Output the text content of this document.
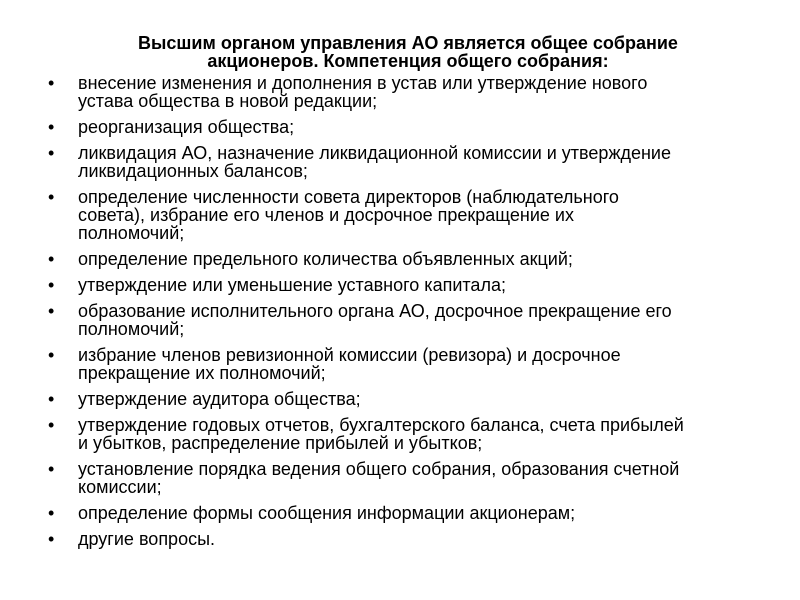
Высшим органом управления АО является общее собрание
акционеров. Компетенция общего собрания:
•	внесение изменения и дополнения в устав или утверждение нового
устава общества в новой редакции;
•	реорганизация общества;
•	ликвидация АО, назначение ликвидационной комиссии и утверждение
ликвидационных балансов;
•	определение численности совета директоров (наблюдательного
совета), избрание его членов и досрочное прекращение их
полномочий;
•	определение предельного количества объявленных акций;
•	утверждение или уменьшение уставного капитала;
•	образование исполнительного органа АО, досрочное прекращение его
полномочий;
•	избрание членов ревизионной комиссии (ревизора) и досрочное
прекращение их полномочий;
•	утверждение аудитора общества;
•	утверждение годовых отчетов, бухгалтерского баланса, счета прибылей
и убытков, распределение прибылей и убытков;
•	установление порядка ведения общего собрания, образования счетной
комиссии;
•	определение формы сообщения информации акционерам;
•	другие вопросы.
